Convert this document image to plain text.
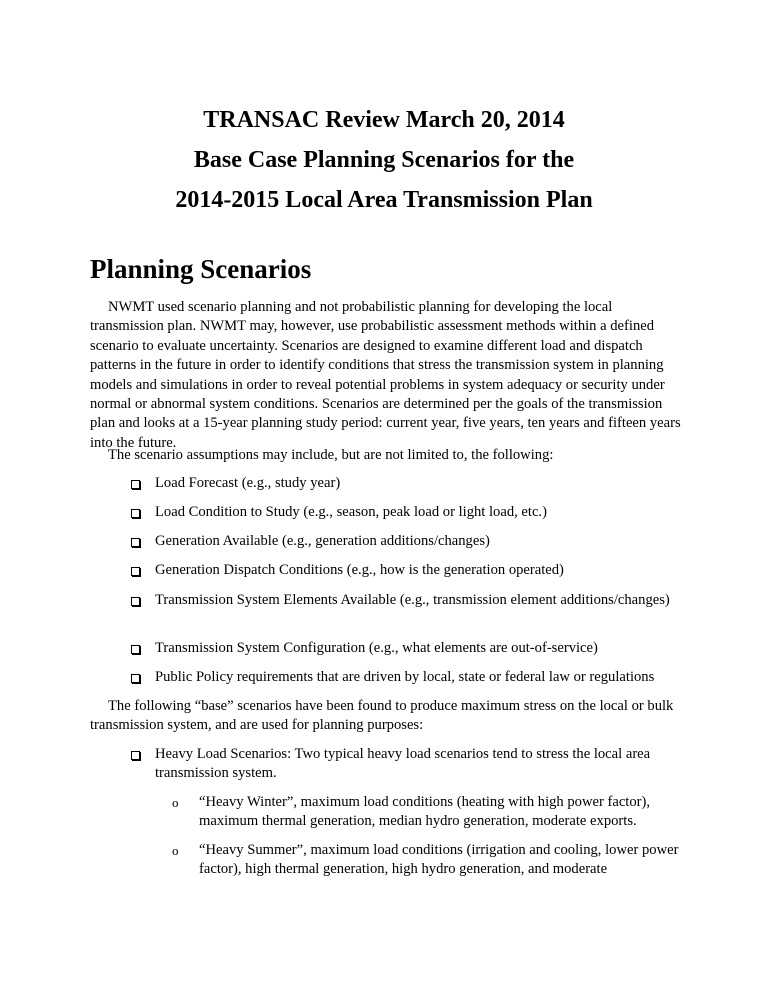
TRANSAC Review March 20, 2014
Base Case Planning Scenarios for the
2014-2015 Local Area Transmission Plan
Planning Scenarios

NWMT used scenario planning and not probabilistic planning for developing the local transmission plan. NWMT may, however, use probabilistic assessment methods within a defined scenario to evaluate uncertainty. Scenarios are designed to examine different load and dispatch patterns in the future in order to identify conditions that stress the transmission system in planning models and simulations in order to reveal potential problems in system adequacy or security under normal or abnormal system conditions. Scenarios are determined per the goals of the transmission plan and looks at a 15-year planning study period: current year, five years, ten years and fifteen years into the future.

The scenario assumptions may include, but are not limited to, the following:

Load Forecast (e.g., study year)
Load Condition to Study (e.g., season, peak load or light load, etc.)
Generation Available (e.g., generation additions/changes)
Generation Dispatch Conditions (e.g., how is the generation operated)
Transmission System Elements Available (e.g., transmission element additions/changes)
Transmission System Configuration (e.g., what elements are out-of-service)
Public Policy requirements that are driven by local, state or federal law or regulations

The following “base” scenarios have been found to produce maximum stress on the local or bulk transmission system, and are used for planning purposes:

Heavy Load Scenarios: Two typical heavy load scenarios tend to stress the local area transmission system.
o	“Heavy Winter”, maximum load conditions (heating with high power factor), maximum thermal generation, median hydro generation, moderate exports.
o	“Heavy Summer”, maximum load conditions (irrigation and cooling, lower power factor), high thermal generation, high hydro generation, and moderate
